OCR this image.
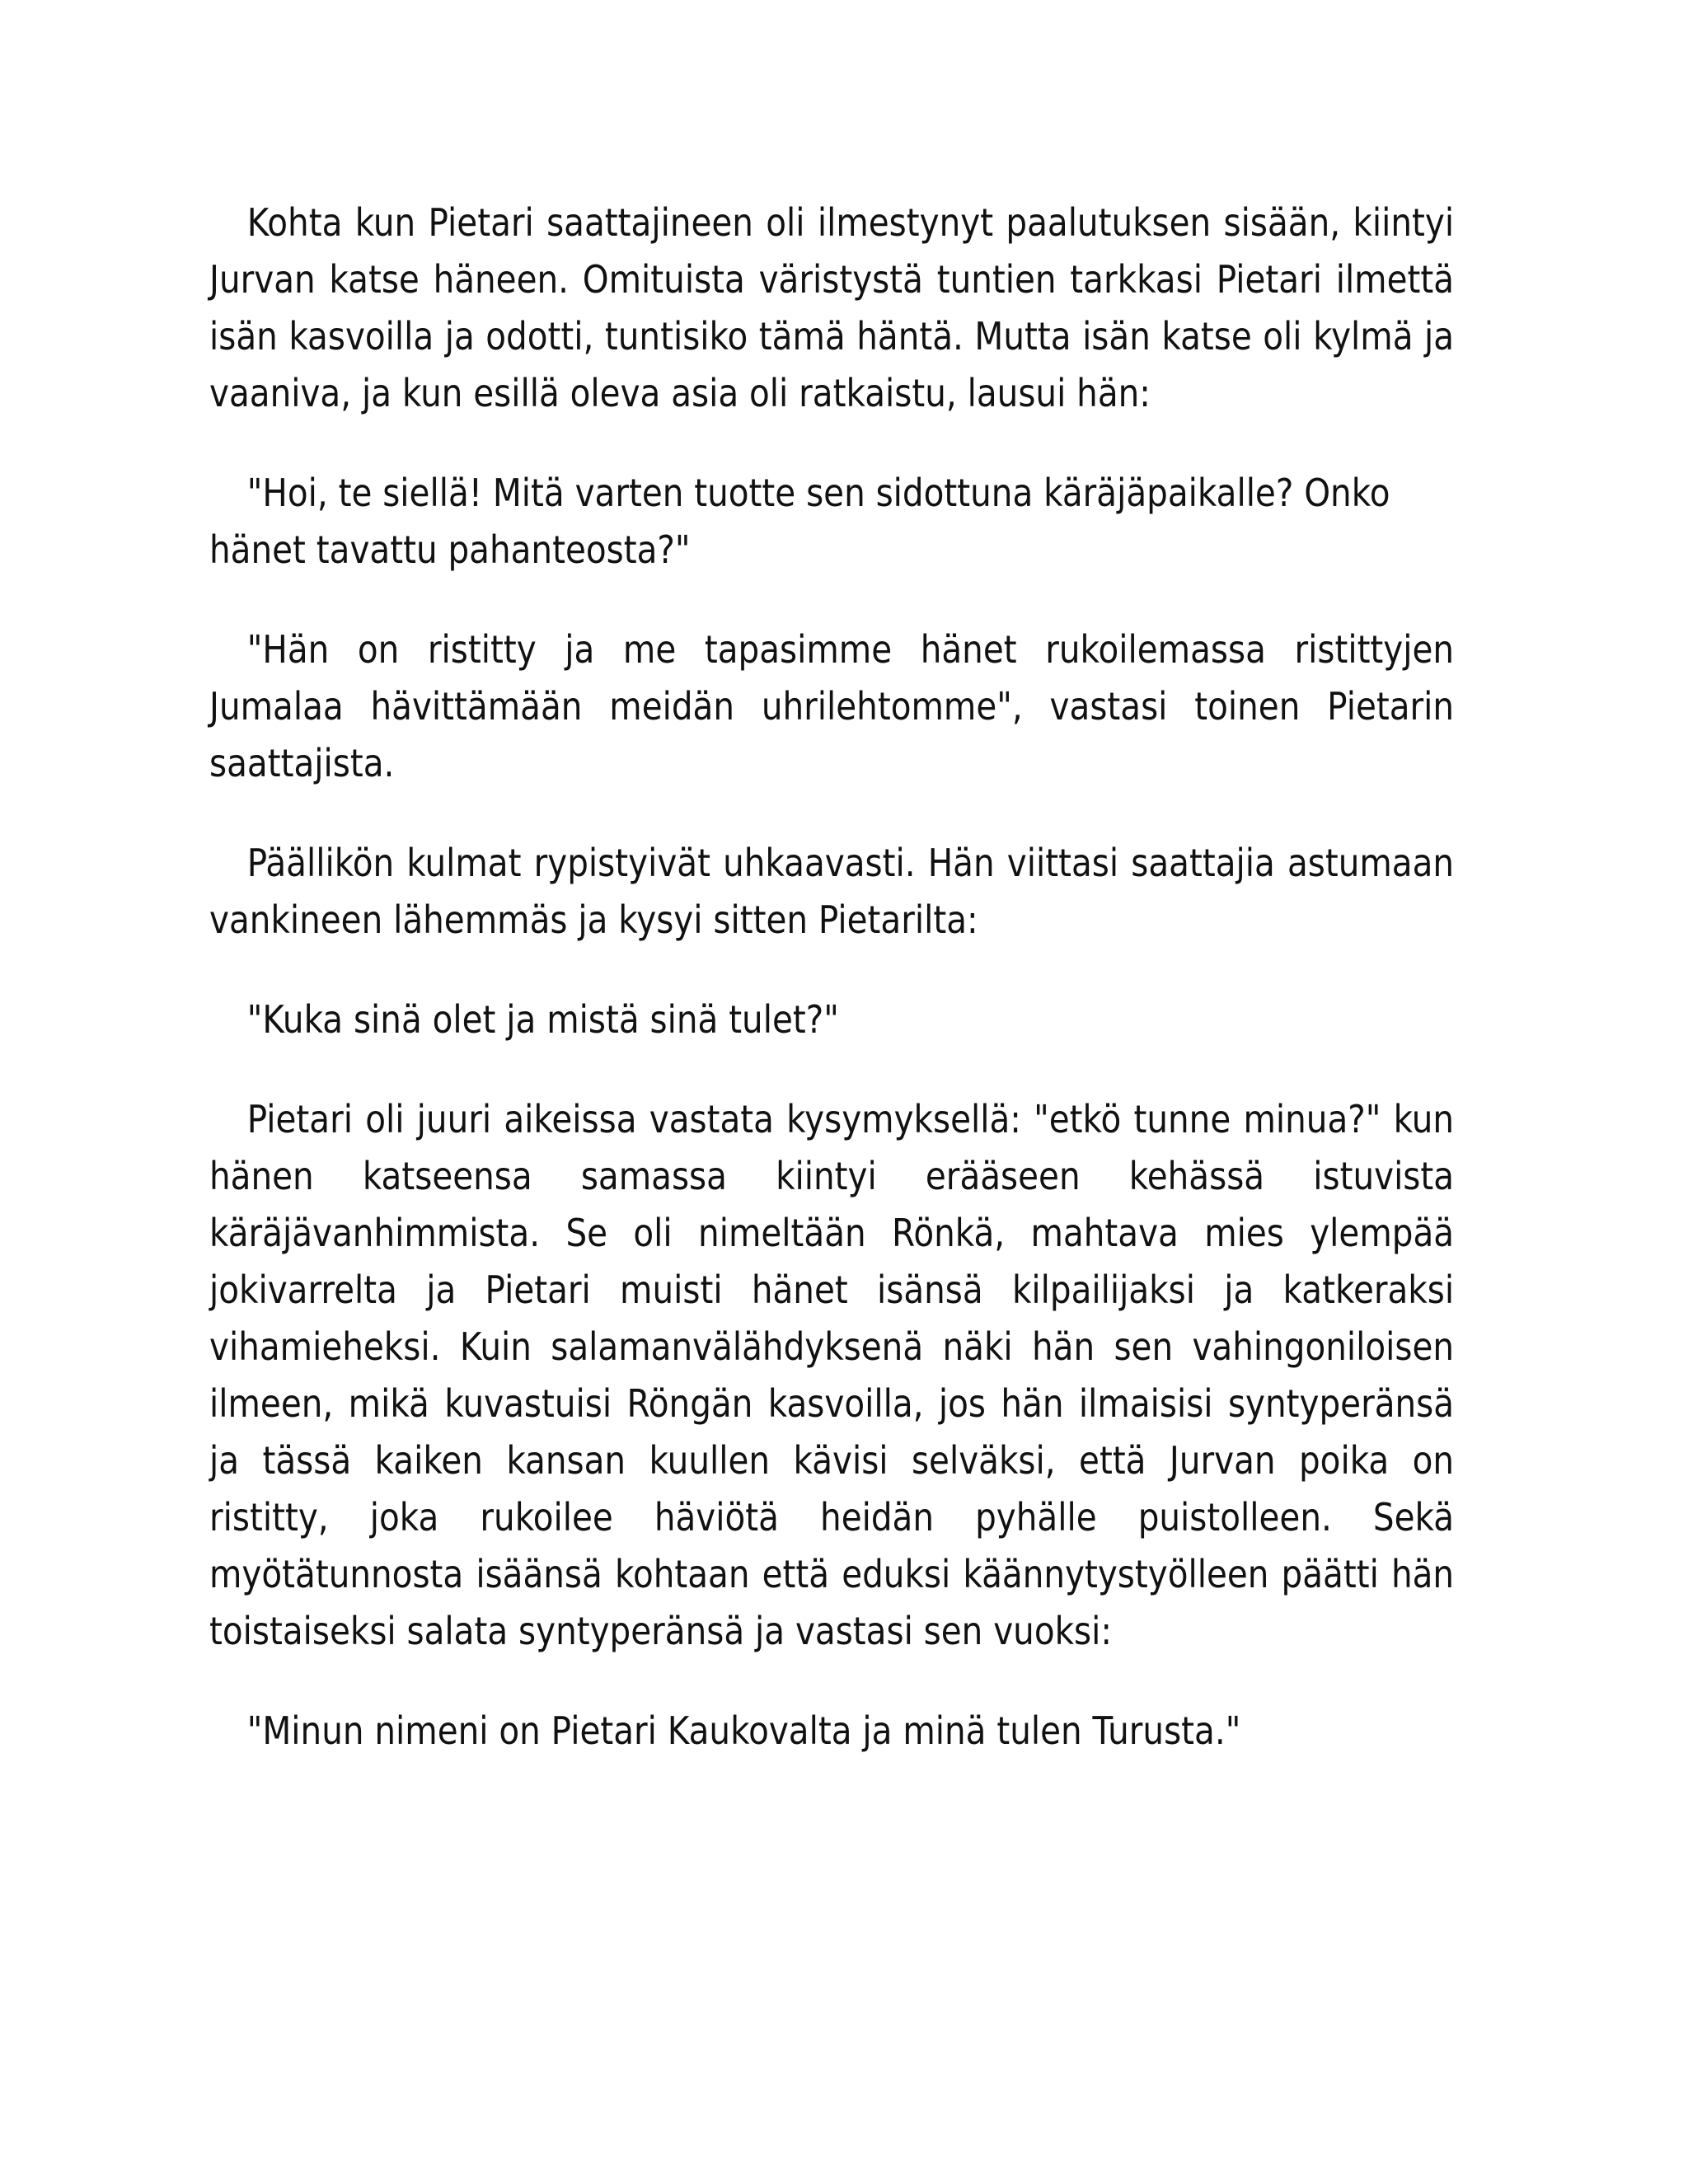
Kohta kun Pietari saattajineen oli ilmestynyt paalutuksen sisään, kiintyi Jurvan katse häneen. Omituista väristystä tuntien tarkkasi Pietari ilmettä isän kasvoilla ja odotti, tuntisiko tämä häntä. Mutta isän katse oli kylmä ja vaaniva, ja kun esillä oleva asia oli ratkaistu, lausui hän:

"Hoi, te siellä! Mitä varten tuotte sen sidottuna käräjäpaikalle? Onko hänet tavattu pahanteosta?"

"Hän on ristitty ja me tapasimme hänet rukoilemassa ristittyjen Jumalaa hävittämään meidän uhrilehtomme", vastasi toinen Pietarin saattajista.

Päällikön kulmat rypistyivät uhkaavasti. Hän viittasi saattajia astumaan vankineen lähemmäs ja kysyi sitten Pietarilta:

"Kuka sinä olet ja mistä sinä tulet?"

Pietari oli juuri aikeissa vastata kysymyksellä: "etkö tunne minua?" kun hänen katseensa samassa kiintyi erääseen kehässä istuvista käräjävanhimmista. Se oli nimeltään Rönkä, mahtava mies ylempää jokivarrelta ja Pietari muisti hänet isänsä kilpailijaksi ja katkeraksi vihamieheksi. Kuin salamanvälähdyksenä näki hän sen vahingoniloisen ilmeen, mikä kuvastuisi Röngän kasvoilla, jos hän ilmaisisi syntyperänsä ja tässä kaiken kansan kuullen kävisi selväksi, että Jurvan poika on ristitty, joka rukoilee häviötä heidän pyhälle puistolleen. Sekä myötätunnosta isäänsä kohtaan että eduksi käännytystyölleen päätti hän toistaiseksi salata syntyperänsä ja vastasi sen vuoksi:

"Minun nimeni on Pietari Kaukovalta ja minä tulen Turusta."
